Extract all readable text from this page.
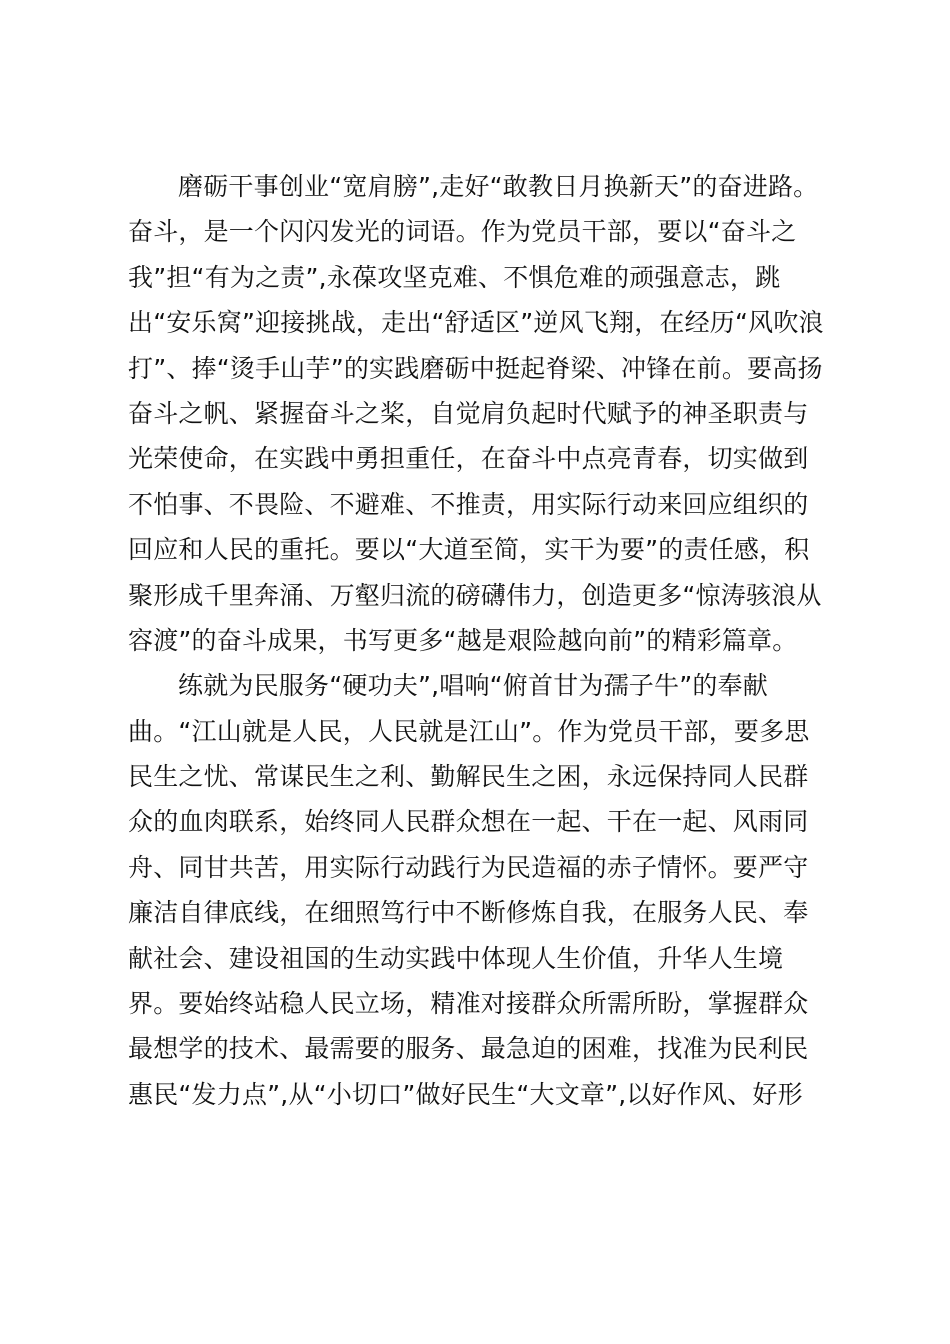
磨砺干事创业“宽肩膀”,走好“敢教日月换新天”的奋进路。
奋斗，是一个闪闪发光的词语。作为党员干部，要以“奋斗之
我”担“有为之责”,永葆攻坚克难、不惧危难的顽强意志，跳
出“安乐窝”迎接挑战，走出“舒适区”逆风飞翔，在经历“风吹浪
打”、捧“烫手山芋”的实践磨砺中挺起脊梁、冲锋在前。要高扬
奋斗之帆、紧握奋斗之桨，自觉肩负起时代赋予的神圣职责与
光荣使命，在实践中勇担重任，在奋斗中点亮青春，切实做到
不怕事、不畏险、不避难、不推责，用实际行动来回应组织的
回应和人民的重托。要以“大道至简，实干为要”的责任感，积
聚形成千里奔涌、万壑归流的磅礴伟力，创造更多“惊涛骇浪从
容渡”的奋斗成果，书写更多“越是艰险越向前”的精彩篇章。
练就为民服务“硬功夫”,唱响“俯首甘为孺子牛”的奉献
曲。“江山就是人民，人民就是江山”。作为党员干部，要多思
民生之忧、常谋民生之利、勤解民生之困，永远保持同人民群
众的血肉联系，始终同人民群众想在一起、干在一起、风雨同
舟、同甘共苦，用实际行动践行为民造福的赤子情怀。要严守
廉洁自律底线，在细照笃行中不断修炼自我，在服务人民、奉
献社会、建设祖国的生动实践中体现人生价值，升华人生境
界。要始终站稳人民立场，精准对接群众所需所盼，掌握群众
最想学的技术、最需要的服务、最急迫的困难，找准为民利民
惠民“发力点”,从“小切口”做好民生“大文章”,以好作风、好形
